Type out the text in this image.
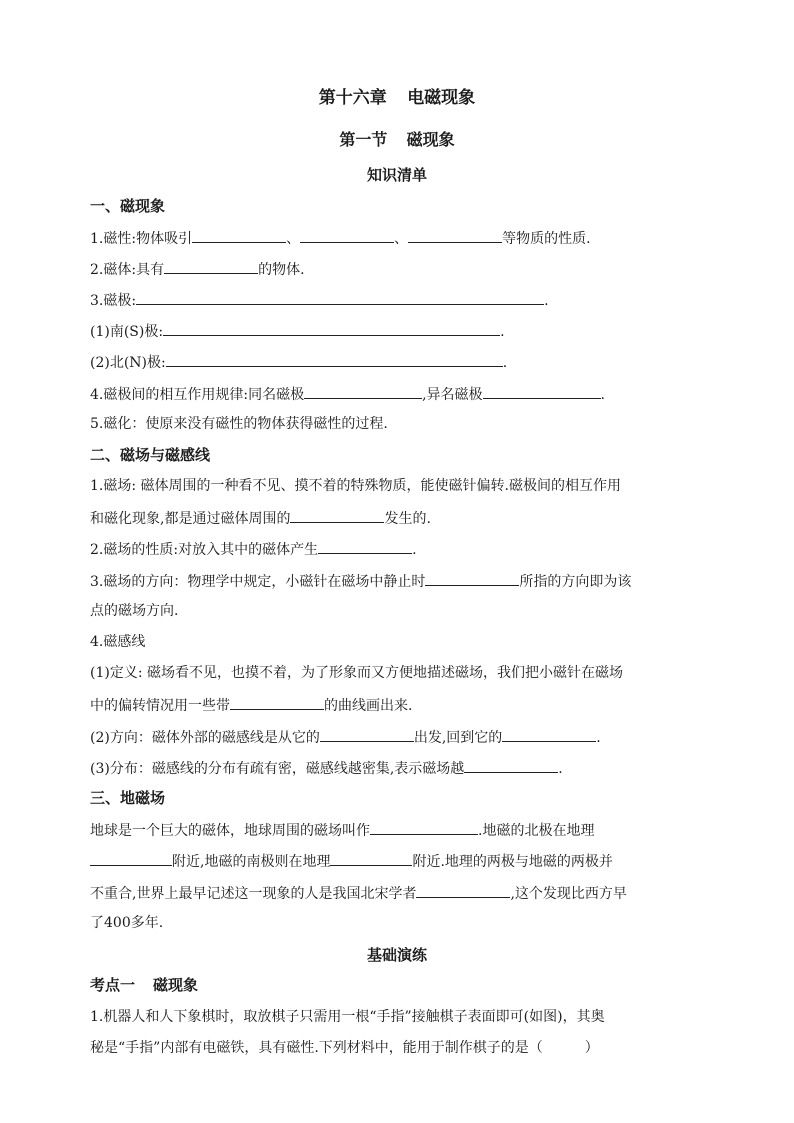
第十六章 电磁现象
第一节 磁现象
知识清单
一、磁现象
1.磁性:物体吸引	、	、	等物质的性质.
2.磁体:具有	的物体.
3.磁极:	.
(1)南(S)极:	.
(2)北(N)极:	.
4.磁极间的相互作用规律:同名磁极	,异名磁极	.
5.磁化：使原来没有磁性的物体获得磁性的过程.
二、磁场与磁感线
1.磁场: 磁体周围的一种看不见、摸不着的特殊物质，能使磁针偏转.磁极间的相互作用
和磁化现象,都是通过磁体周围的	发生的.
2.磁场的性质:对放入其中的磁体产生	.
3.磁场的方向：物理学中规定，小磁针在磁场中静止时	所指的方向即为该
点的磁场方向.
4.磁感线
(1)定义: 磁场看不见，也摸不着，为了形象而又方便地描述磁场，我们把小磁针在磁场
中的偏转情况用一些带	的曲线画出来.
(2)方向：磁体外部的磁感线是从它的	出发,回到它的	.
(3)分布：磁感线的分布有疏有密，磁感线越密集,表示磁场越	.
三、地磁场
地球是一个巨大的磁体，地球周围的磁场叫作	.地磁的北极在地理
附近,地磁的南极则在地理	附近.地理的两极与地磁的两极并
不重合,世界上最早记述这一现象的人是我国北宋学者	,这个发现比西方早
了400多年.
基础演练
考点一 磁现象
1.机器人和人下象棋时，取放棋子只需用一根“手指”接触棋子表面即可(如图)，其奥
秘是“手指”内部有电磁铁，具有磁性.下列材料中，能用于制作棋子的是（　　　）
